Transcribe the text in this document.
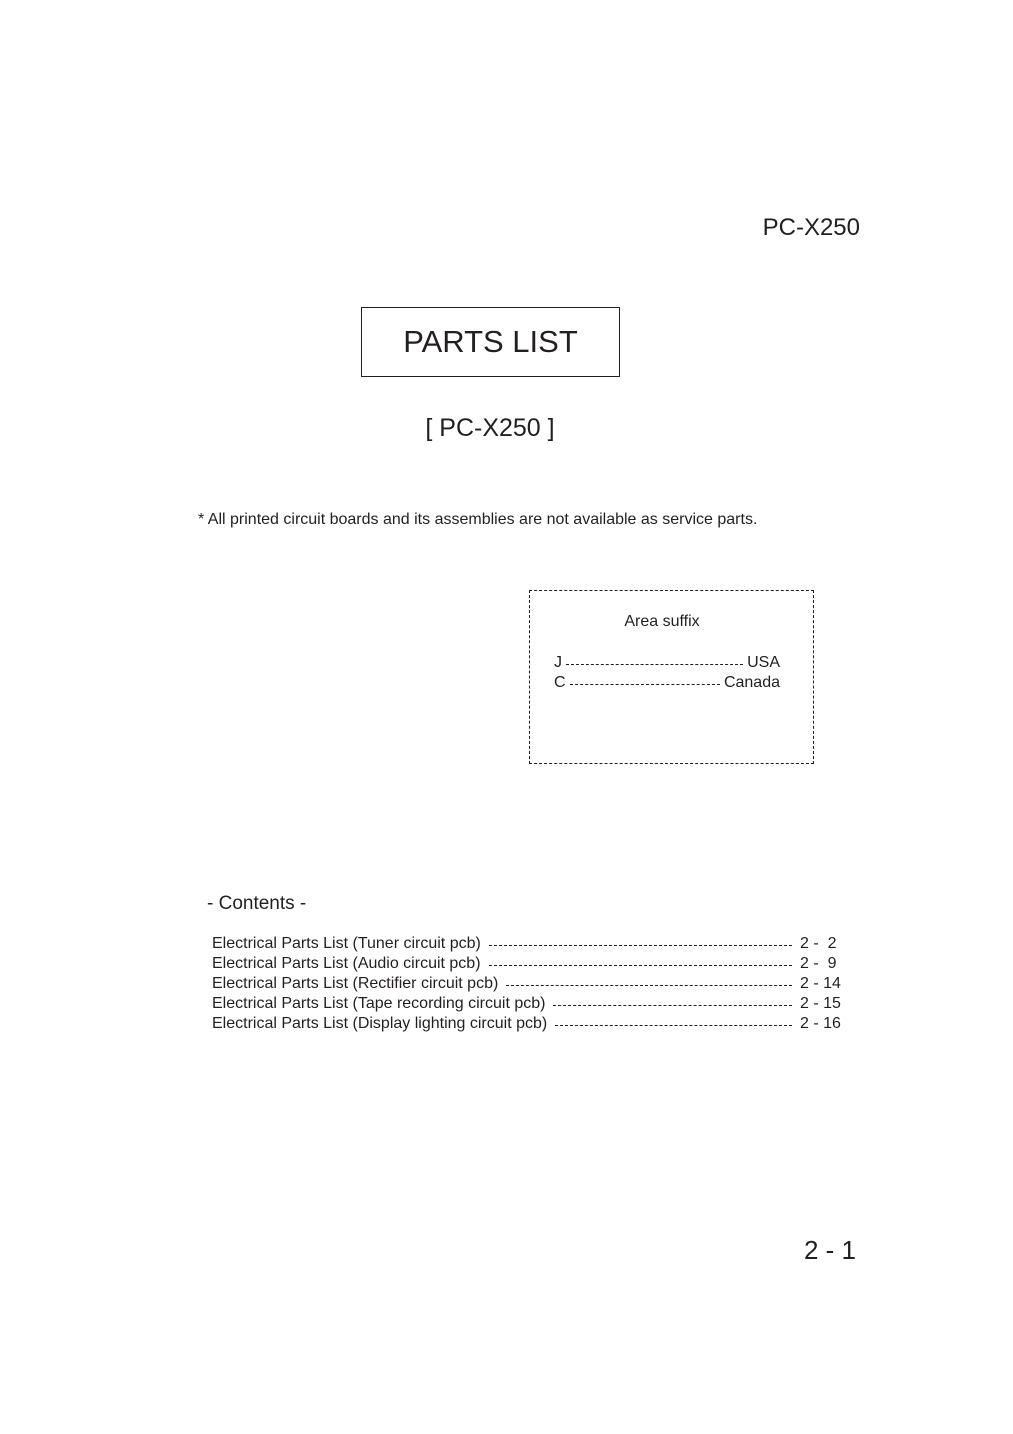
PC-X250
PARTS LIST
[ PC-X250 ]
* All printed circuit boards and its assemblies are not available as service parts.
Area suffix
J	USA
C	Canada
- Contents -
Electrical Parts List (Tuner circuit pcb)	2 -  2
Electrical Parts List (Audio circuit pcb)	2 -  9
Electrical Parts List (Rectifier circuit pcb)	2 - 14
Electrical Parts List (Tape recording circuit pcb)	2 - 15
Electrical Parts List (Display lighting circuit pcb)	2 - 16
2 - 1
